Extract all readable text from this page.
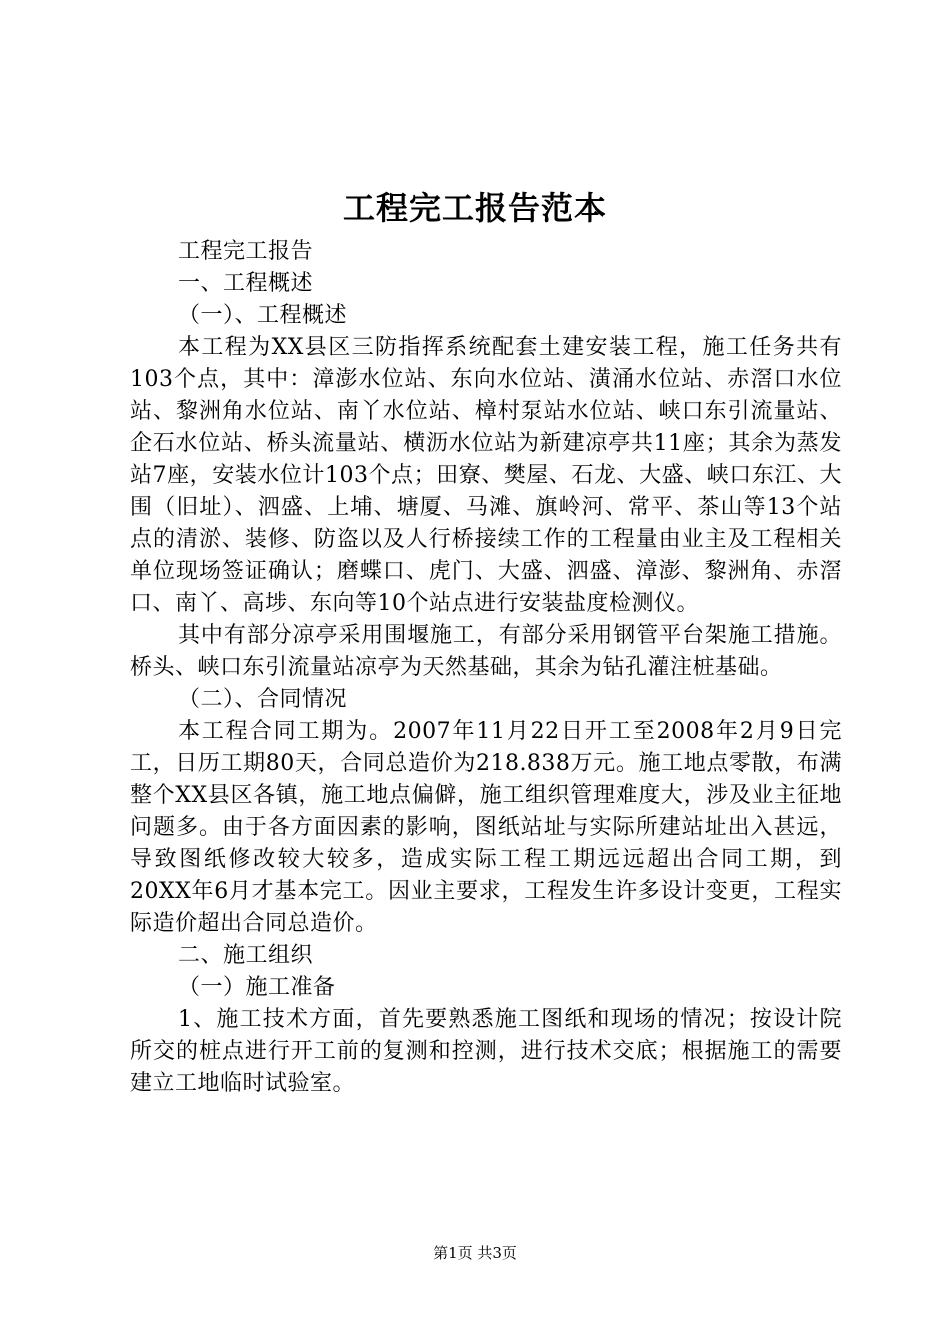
工程完工报告范本

工程完工报告

一、工程概述

（一）、工程概述

本工程为XX县区三防指挥系统配套土建安装工程，施工任务共有103个点，其中：漳澎水位站、东向水位站、潢涌水位站、赤滘口水位站、黎洲角水位站、南丫水位站、樟村泵站水位站、峡口东引流量站、企石水位站、桥头流量站、横沥水位站为新建凉亭共11座；其余为蒸发站7座，安装水位计103个点；田寮、樊屋、石龙、大盛、峡口东江、大围（旧址）、泗盛、上埔、塘厦、马滩、旗岭河、常平、茶山等13个站点的清淤、装修、防盗以及人行桥接续工作的工程量由业主及工程相关单位现场签证确认；磨蝶口、虎门、大盛、泗盛、漳澎、黎洲角、赤滘口、南丫、高埗、东向等10个站点进行安装盐度检测仪。

其中有部分凉亭采用围堰施工，有部分采用钢管平台架施工措施。桥头、峡口东引流量站凉亭为天然基础，其余为钻孔灌注桩基础。

（二）、合同情况

本工程合同工期为。2007年11月22日开工至2008年2月9日完工，日历工期80天，合同总造价为218.838万元。施工地点零散，布满整个XX县区各镇，施工地点偏僻，施工组织管理难度大，涉及业主征地问题多。由于各方面因素的影响，图纸站址与实际所建站址出入甚远，导致图纸修改较大较多，造成实际工程工期远远超出合同工期，到20XX年6月才基本完工。因业主要求，工程发生许多设计变更，工程实际造价超出合同总造价。

二、施工组织

（一）施工准备

1、施工技术方面，首先要熟悉施工图纸和现场的情况；按设计院所交的桩点进行开工前的复测和控测，进行技术交底；根据施工的需要建立工地临时试验室。

第1页 共3页
